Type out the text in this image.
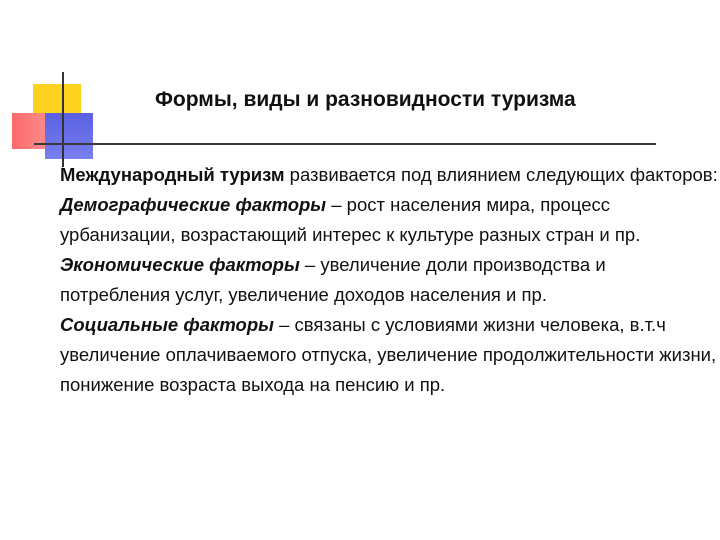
Формы, виды и разновидности туризма

Международный туризм развивается под влиянием следующих факторов:

Демографические факторы – рост населения мира, процесс урбанизации, возрастающий интерес к культуре разных стран и пр.

Экономические факторы – увеличение доли производства и потребления услуг, увеличение доходов населения и пр.

Социальные факторы – связаны с условиями жизни человека, в.т.ч увеличение оплачиваемого отпуска, увеличение продолжительности жизни, понижение возраста выхода на пенсию и пр.
